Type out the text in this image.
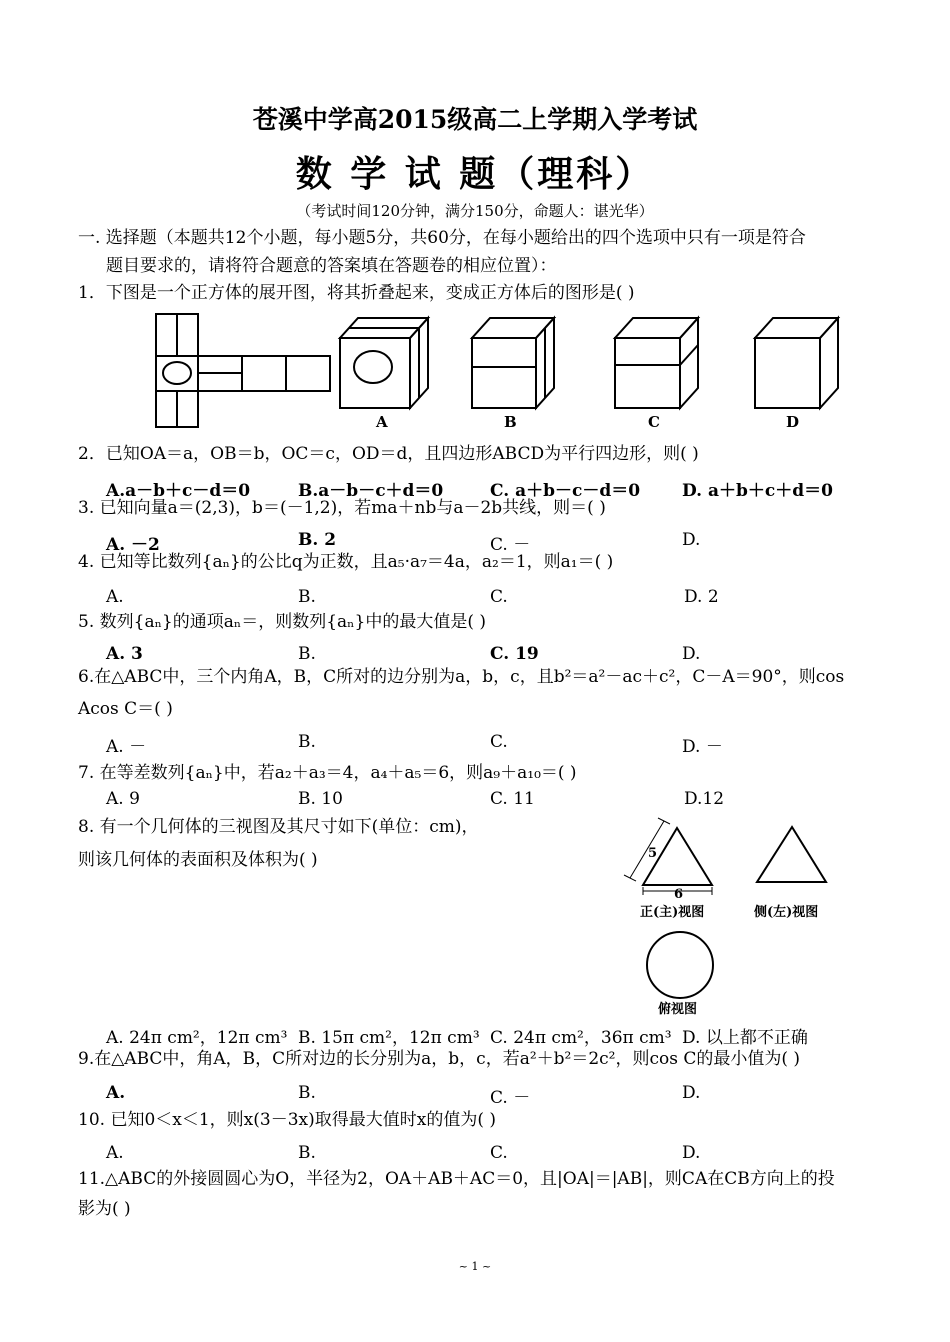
苍溪中学高2015级高二上学期入学考试
数 学 试 题（理科）
（考试时间120分钟，满分150分，命题人：谌光华）
一. 选择题（本题共12个小题，每小题5分，共60分，在每小题给出的四个选项中只有一项是符合
题目要求的，请将符合题意的答案填在答题卷的相应位置）：
1．下图是一个正方体的展开图，将其折叠起来，变成正方体后的图形是( )
A	B	C	D
2．已知OA＝a，OB＝b，OC＝c，OD＝d，且四边形ABCD为平行四边形，则( )
A.a－b＋c－d＝0	B.a－b－c＋d＝0	C. a＋b－c－d＝0 D. a＋b＋c＋d＝0
3. 已知向量a＝(2,3)，b＝(－1,2)，若ma＋nb与a－2b共线，则＝( )
A. －2	B. 2	C. －	D.
4. 已知等比数列{aₙ}的公比q为正数，且a₅·a₇＝4a，a₂＝1，则a₁＝( )
A.	B.	C.	D. 2
5. 数列{aₙ}的通项aₙ＝，则数列{aₙ}中的最大值是( )
A. 3	B.	C. 19	D.
6.在△ABC中，三个内角A，B，C所对的边分别为a，b，c，且b²＝a²－ac＋c²，C－A＝90°，则cos
Acos C＝( )
A. －	B.	C.	D. －
7. 在等差数列{aₙ}中，若a₂＋a₃＝4，a₄＋a₅＝6，则a₉＋a₁₀＝( )
A. 9	B. 10	C. 11	D.12
8. 有一个几何体的三视图及其尺寸如下(单位：cm)，
则该几何体的表面积及体积为( )	5
6
正(主)视图	侧(左)视图
俯视图
A. 24π cm²，12π cm³ B. 15π cm²，12π cm³ C. 24π cm²，36π cm³ D. 以上都不正确
9.在△ABC中，角A，B，C所对边的长分别为a，b，c，若a²＋b²＝2c²，则cos C的最小值为( )
A.	B.	C. －	D.
10. 已知0＜x＜1，则x(3－3x)取得最大值时x的值为( )
A.	B.	C.	D.
11.△ABC的外接圆圆心为O，半径为2，OA＋AB＋AC＝0，且|OA|＝|AB|，则CA在CB方向上的投
影为( )
~ 1 ~
